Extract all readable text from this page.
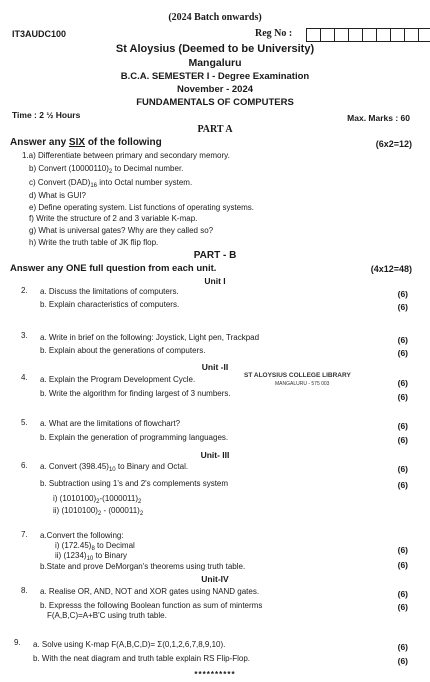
(2024 Batch onwards)
IT3AUDC100	Reg No :
St Aloysius (Deemed to be University)
Mangaluru
B.C.A. SEMESTER I - Degree Examination
November - 2024
FUNDAMENTALS OF COMPUTERS
Time : 2 ½ Hours	Max. Marks : 60
PART A
Answer any SIX of the following	(6x2=12)
1.a) Differentiate between primary and secondary memory.
b) Convert $(10000110)_2$ to Decimal number.
c) Convert $(DAD)_{16}$ into Octal number system.
d) What is GUI?
e) Define operating system. List functions of operating systems.
f) Write the structure of 2 and 3 variable K-map.
g) What is universal gates? Why are they called so?
h) Write the truth table of JK flip flop.
PART - B
Answer any ONE full question from each unit.	(4x12=48)
Unit I
2. a. Discuss the limitations of computers.	(6)
b. Explain characteristics of computers.	(6)
3. a. Write in brief on the following: Joystick, Light pen, Trackpad	(6)
b. Explain about the generations of computers.	(6)
Unit -II
4. a. Explain the Program Development Cycle.	ST ALOYSIUS COLLEGE LIBRARY
MANGALURU - 575 003	(6)
b. Write the algorithm for finding largest of 3 numbers.	(6)
5. a. What are the limitations of flowchart?	(6)
b. Explain the generation of programming languages.	(6)
Unit- III
6. a. Convert $(398.45)_{10}$ to Binary and Octal.	(6)
b. Subtraction using 1's and 2's complements system	(6)
i) $(1010100)_2-(1000011)_2$
ii) $(1010100)_2 - (000011)_2$
7. a.Convert the following:
i) $(172.45)_8$ to Decimal	(6)
ii) $(1234)_{10}$ to Binary
b.State and prove DeMorgan's theorems using truth table.	(6)
Unit-IV
8. a. Realise OR, AND, NOT and XOR gates using NAND gates.	(6)
b. Expresss the following Boolean function as sum of minterms	(6)
F(A,B,C)=A+B'C using truth table.
9. a. Solve using K-map F(A,B,C,D)= Σ(0,1,2,6,7,8,9,10).	(6)
b. With the neat diagram and truth table explain RS Flip-Flop.	(6)
**********
